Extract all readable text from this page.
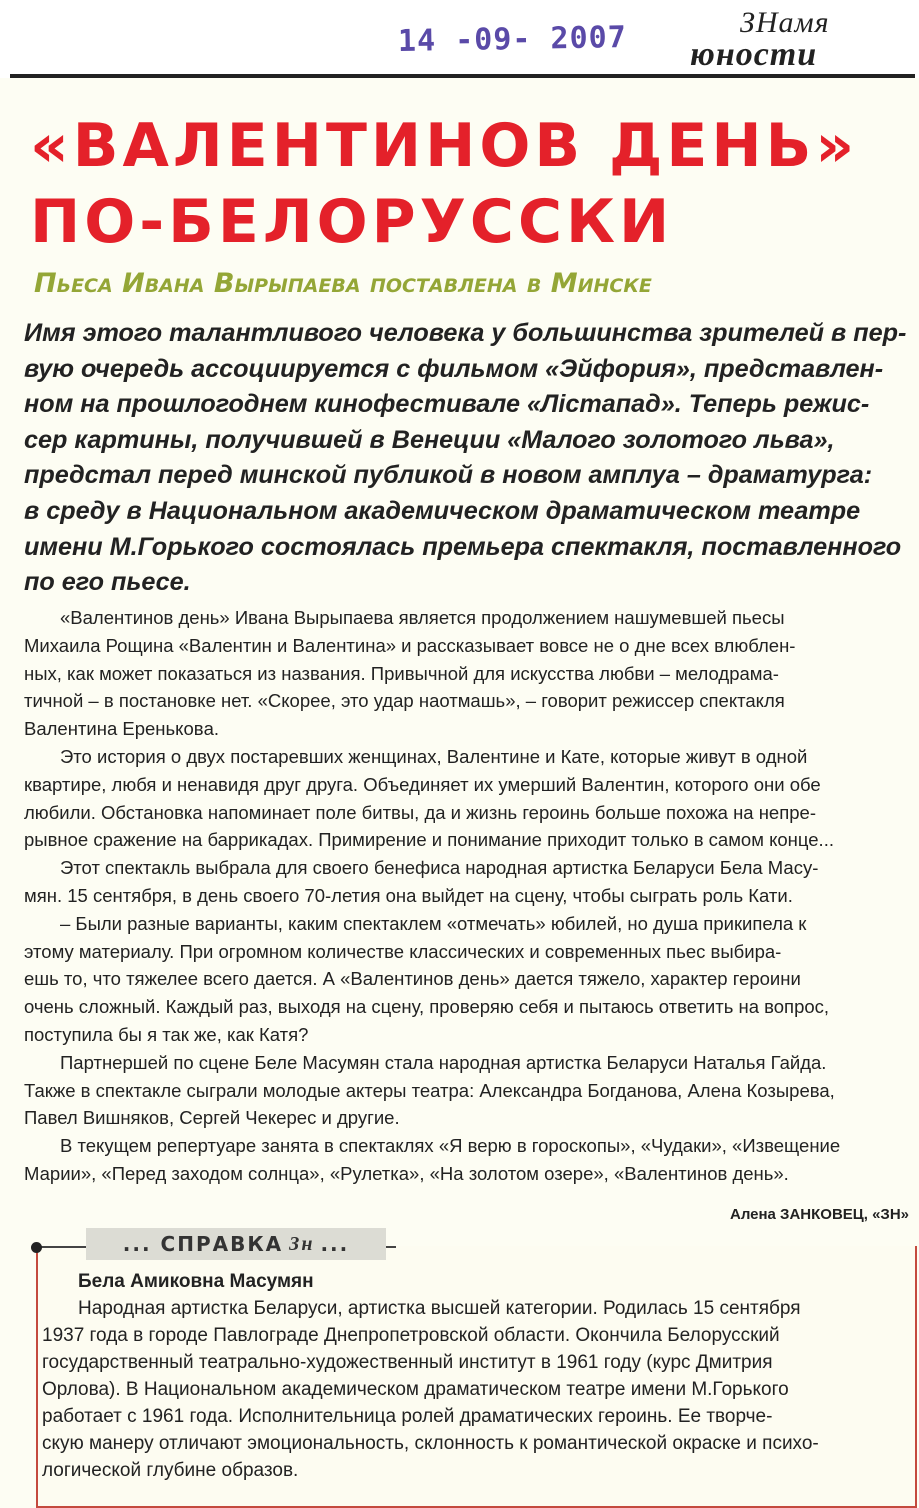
14 -09- 2007	ЗНамя
юности
«ВАЛЕНТИНОВ ДЕНЬ»
ПО-БЕЛОРУССКИ
Пьеса Ивана Вырыпаева поставлена в Минске
Имя этого талантливого человека у большинства зрителей в пер-
вую очередь ассоциируется с фильмом «Эйфория», представлен-
ном на прошлогоднем кинофестивале «Лістапад». Теперь режис-
сер картины, получившей в Венеции «Малого золотого льва»,
предстал перед минской публикой в новом амплуа – драматурга:
в среду в Национальном академическом драматическом театре
имени М.Горького состоялась премьера спектакля, поставленного
по его пьесе.
«Валентинов день» Ивана Вырыпаева является продолжением нашумевшей пьесы
Михаила Рощина «Валентин и Валентина» и рассказывает вовсе не о дне всех влюблен-
ных, как может показаться из названия. Привычной для искусства любви – мелодрама-
тичной – в постановке нет. «Скорее, это удар наотмашь», – говорит режиссер спектакля
Валентина Ереньковa.
Это история о двух постаревших женщинах, Валентине и Кате, которые живут в одной
квартире, любя и ненавидя друг друга. Объединяет их умерший Валентин, которого они обе
любили. Обстановка напоминает поле битвы, да и жизнь героинь больше похожа на непре-
рывное сражение на баррикадах. Примирение и понимание приходит только в самом конце...
Этот спектакль выбрала для своего бенефиса народная артистка Беларуси Бела Масу-
мян. 15 сентября, в день своего 70-летия она выйдет на сцену, чтобы сыграть роль Кати.
– Были разные варианты, каким спектаклем «отмечать» юбилей, но душа прикипела к
этому материалу. При огромном количестве классических и современных пьес выбира-
ешь то, что тяжелее всего дается. А «Валентинов день» дается тяжело, характер героини
очень сложный. Каждый раз, выходя на сцену, проверяю себя и пытаюсь ответить на вопрос,
поступила бы я так же, как Катя?
Партнершей по сцене Беле Масумян стала народная артистка Беларуси Наталья Гайда.
Также в спектакле сыграли молодые актеры театра: Александра Богданова, Алена Козырева,
Павел Вишняков, Сергей Чекерес и другие.
В текущем репертуаре занята в спектаклях «Я верю в гороскопы», «Чудаки», «Извещение
Марии», «Перед заходом солнца», «Рулетка», «На золотом озере», «Валентинов день».
Алена ЗАНКОВЕЦ, «ЗН»
... СПРАВКА Зн ...
Бела Амиковна Масумян
Народная артистка Беларуси, артистка высшей категории. Родилась 15 сентября
1937 года в городе Павлограде Днепропетровской области. Окончила Белорусский
государственный театрально-художественный институт в 1961 году (курс Дмитрия
Орлова). В Национальном академическом драматическом театре имени М.Горького
работает с 1961 года. Исполнительница ролей драматических героинь. Ее творче-
скую манеру отличают эмоциональность, склонность к романтической окраске и психо-
логической глубине образов.
